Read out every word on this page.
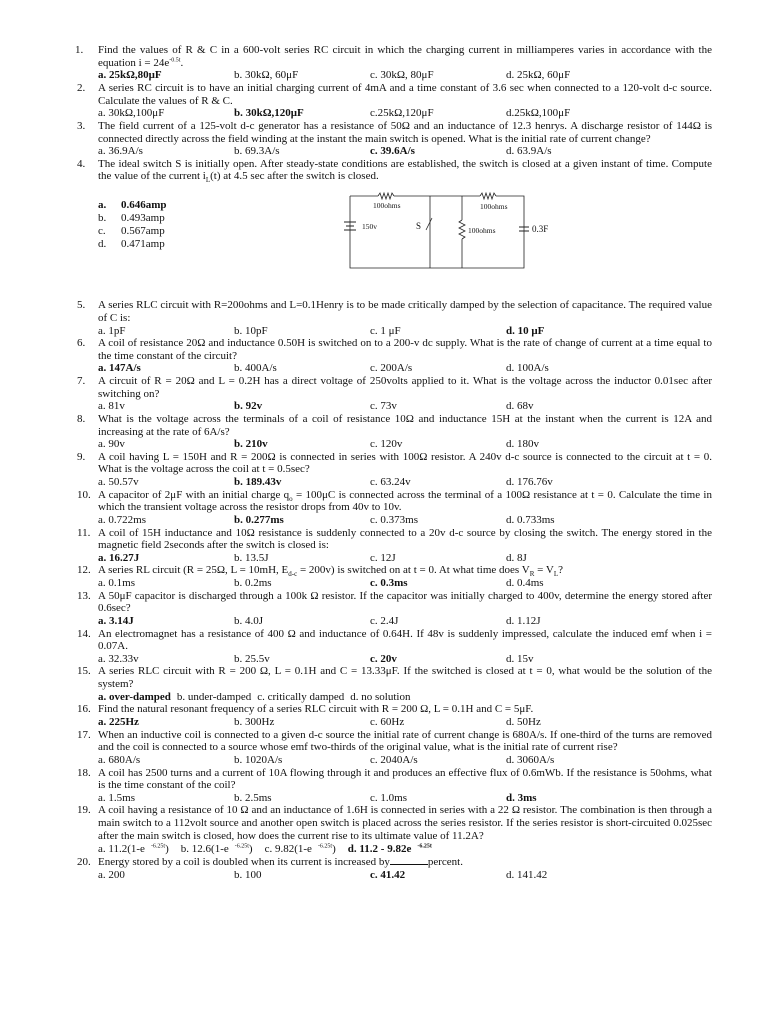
1. Find the values of R & C in a 600-volt series RC circuit in which the charging current in milliamperes varies in accordance with the equation $i = 24e^{-0.5t}$.
a. 25kΩ,80μF	b. 30kΩ, 60μF	c. 30kΩ, 80μF	d. 25kΩ, 60μF
2. A series RC circuit is to have an initial charging current of 4mA and a time constant of 3.6 sec when connected to a 120-volt d-c source. Calculate the values of R & C.
a. 30kΩ,100μF	b. 30kΩ,120μF	c.25kΩ,120μF	d.25kΩ,100μF
3. The field current of a 125-volt d-c generator has a resistance of 50Ω and an inductance of 12.3 henrys. A discharge resistor of 144Ω is connected directly across the field winding at the instant the main switch is opened. What is the initial rate of current change?
a. 36.9A/s	b. 69.3A/s	c. 39.6A/s	d. 63.9A/s
4. The ideal switch S is initially open. After steady-state conditions are established, the switch is closed at a given instant of time. Compute the value of the current $i_L(t)$ at 4.5 sec after the switch is closed.
a. 0.646amp
b. 0.493amp
c. 0.567amp
d. 0.471amp
100ohms	100ohms
100ohms
150v	S	0.3F
5. A series RLC circuit with R=200ohms and L=0.1Henry is to be made critically damped by the selection of capacitance. The required value of C is:
a. 1pF	b. 10pF	c. 1 μF	d. 10 μF
6. A coil of resistance 20Ω and inductance 0.50H is switched on to a 200-v dc supply. What is the rate of change of current at a time equal to the time constant of the circuit?
a. 147A/s	b. 400A/s	c. 200A/s	d. 100A/s
7. A circuit of R = 20Ω and L = 0.2H has a direct voltage of 250volts applied to it. What is the voltage across the inductor 0.01sec after switching on?
a. 81v	b. 92v	c. 73v	d. 68v
8. What is the voltage across the terminals of a coil of resistance 10Ω and inductance 15H at the instant when the current is 12A and increasing at the rate of 6A/s?
a. 90v	b. 210v	c. 120v	d. 180v
9. A coil having L = 150H and R = 200Ω is connected in series with 100Ω resistor. A 240v d-c source is connected to the circuit at t = 0. What is the voltage across the coil at t = 0.5sec?
a. 50.57v	b. 189.43v	c. 63.24v	d. 176.76v
10. A capacitor of 2μF with an initial charge $q_o = 100\mu C$ is connected across the terminal of a 100Ω resistance at t = 0. Calculate the time in which the transient voltage across the resistor drops from 40v to 10v.
a. 0.722ms	b. 0.277ms	c. 0.373ms	d. 0.733ms
11. A coil of 15H inductance and 10Ω resistance is suddenly connected to a 20v d-c source by closing the switch. The energy stored in the magnetic field 2seconds after the switch is closed is:
a. 16.27J	b. 13.5J	c. 12J	d. 8J
12. A series RL circuit (R = 25Ω, L = 10mH, $E_{d-c} = 200v$) is switched on at t = 0. At what time does $V_R = V_L$?
a. 0.1ms	b. 0.2ms	c. 0.3ms	d. 0.4ms
13. A 50μF capacitor is discharged through a 100k Ω resistor. If the capacitor was initially charged to 400v, determine the energy stored after 0.6sec?
a. 3.14J	b. 4.0J	c. 2.4J	d. 1.12J
14. An electromagnet has a resistance of 400 Ω and inductance of 0.64H. If 48v is suddenly impressed, calculate the induced emf when i = 0.07A.
a. 32.33v	b. 25.5v	c. 20v	d. 15v
15. A series RLC circuit with R = 200 Ω, L = 0.1H and C = 13.33μF. If the switched is closed at t = 0, what would be the solution of the system?
a. over-damped b. under-damped c. critically damped d. no solution
16. Find the natural resonant frequency of a series RLC circuit with R = 200 Ω, L = 0.1H and C = 5μF.
a. 225Hz	b. 300Hz	c. 60Hz	d. 50Hz
17. When an inductive coil is connected to a given d-c source the initial rate of current change is 680A/s. If one-third of the turns are removed and the coil is connected to a source whose emf two-thirds of the original value, what is the initial rate of current rise?
a. 680A/s	b. 1020A/s	c. 2040A/s	d. 3060A/s
18. A coil has 2500 turns and a current of 10A flowing through it and produces an effective flux of 0.6mWb. If the resistance is 50ohms, what is the time constant of the coil?
a. 1.5ms	b. 2.5ms	c. 1.0ms	d. 3ms
19. A coil having a resistance of 10 Ω and an inductance of 1.6H is connected in series with a 22 Ω resistor. The combination is then through a main switch to a 112volt source and another open switch is placed across the series resistor. If the series resistor is short-circuited 0.025sec after the main switch is closed, how does the current rise to its ultimate value of 11.2A?
a. 11.2(1-e $^{-6.25t}$) b. 12.6(1-e $^{-6.25t}$) c. 9.82(1-e $^{-6.25t}$) d. 11.2 - 9.82e $^{-6.25t}$
20. Energy stored by a coil is doubled when its current is increased by	percent.
a. 200	b. 100	c. 41.42	d. 141.42
